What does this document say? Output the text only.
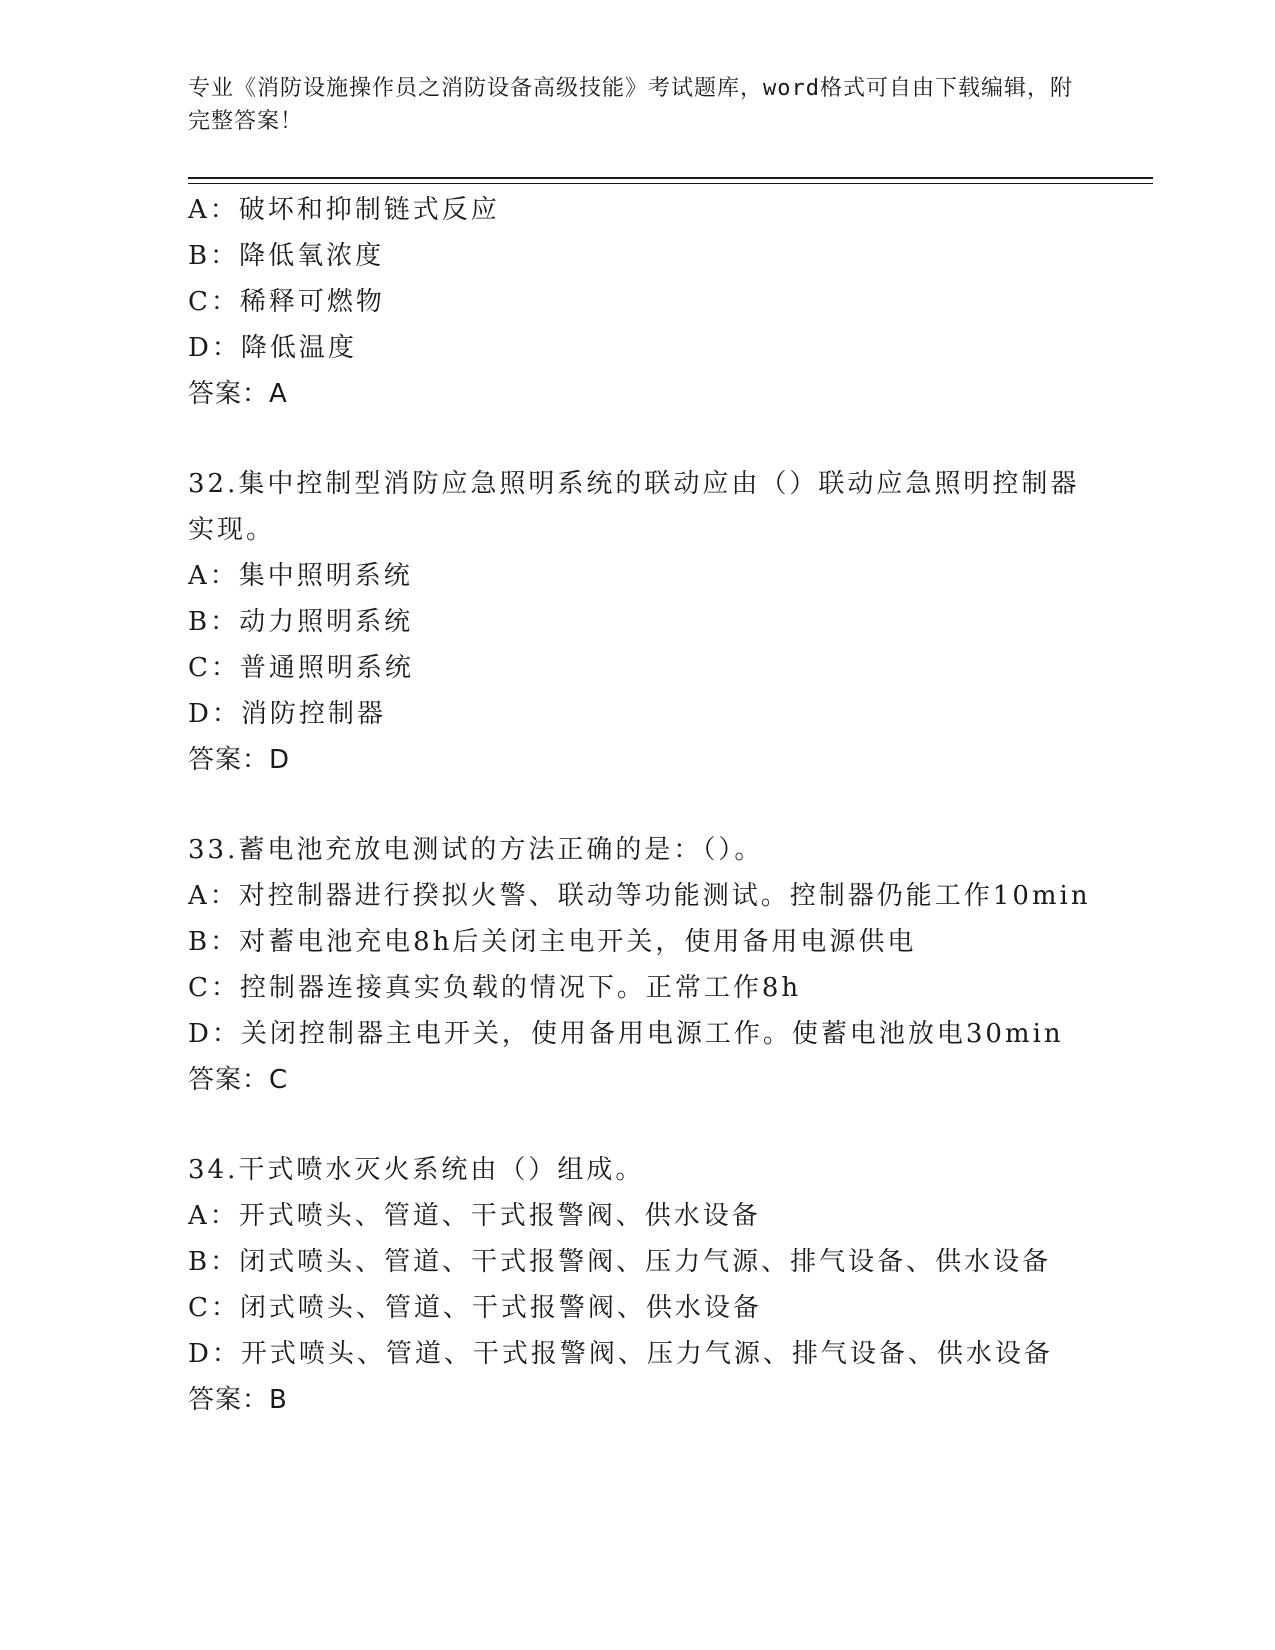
专业《消防设施操作员之消防设备高级技能》考试题库，word格式可自由下载编辑，附完整答案！
A：破坏和抑制链式反应
B：降低氧浓度
C：稀释可燃物
D：降低温度
答案：A
32.集中控制型消防应急照明系统的联动应由（）联动应急照明控制器
实现。
A：集中照明系统
B：动力照明系统
C：普通照明系统
D：消防控制器
答案：D
33.蓄电池充放电测试的方法正确的是：（）。
A：对控制器进行揆拟火警、联动等功能测试。控制器仍能工作10min
B：对蓄电池充电8h后关闭主电开关，使用备用电源供电
C：控制器连接真实负载的情况下。正常工作8h
D：关闭控制器主电开关，使用备用电源工作。使蓄电池放电30min
答案：C
34.干式喷水灭火系统由（）组成。
A：开式喷头、管道、干式报警阀、供水设备
B：闭式喷头、管道、干式报警阀、压力气源、排气设备、供水设备
C：闭式喷头、管道、干式报警阀、供水设备
D：开式喷头、管道、干式报警阀、压力气源、排气设备、供水设备
答案：B
